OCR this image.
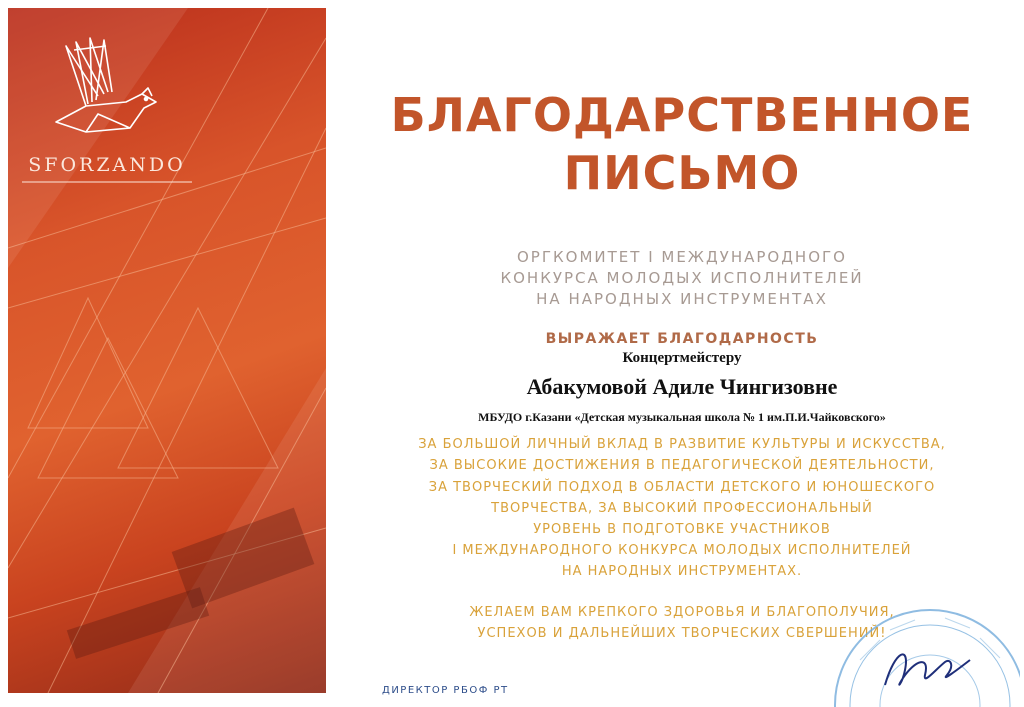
SFORZANDO
БЛАГОДАРСТВЕННОЕ
ПИСЬМО
ОРГКОМИТЕТ I МЕЖДУНАРОДНОГО
КОНКУРСА МОЛОДЫХ ИСПОЛНИТЕЛЕЙ
НА НАРОДНЫХ ИНСТРУМЕНТАХ
ВЫРАЖАЕТ БЛАГОДАРНОСТЬ
Концертмейстеру
Абакумовой Адиле Чингизовне
МБУДО г.Казани «Детская музыкальная школа № 1 им.П.И.Чайковского»
ЗА БОЛЬШОЙ ЛИЧНЫЙ ВКЛАД В РАЗВИТИЕ КУЛЬТУРЫ И ИСКУССТВА,
ЗА ВЫСОКИЕ ДОСТИЖЕНИЯ В ПЕДАГОГИЧЕСКОЙ ДЕЯТЕЛЬНОСТИ,
ЗА ТВОРЧЕСКИЙ ПОДХОД В ОБЛАСТИ ДЕТСКОГО И ЮНОШЕСКОГО
ТВОРЧЕСТВА, ЗА ВЫСОКИЙ ПРОФЕССИОНАЛЬНЫЙ
УРОВЕНЬ В ПОДГОТОВКЕ УЧАСТНИКОВ
I МЕЖДУНАРОДНОГО КОНКУРСА МОЛОДЫХ ИСПОЛНИТЕЛЕЙ
НА НАРОДНЫХ ИНСТРУМЕНТАХ.
ЖЕЛАЕМ ВАМ КРЕПКОГО ЗДОРОВЬЯ И БЛАГОПОЛУЧИЯ,
УСПЕХОВ И ДАЛЬНЕЙШИХ ТВОРЧЕСКИХ СВЕРШЕНИЙ!
ДИРЕКТОР РБОФ РТ
